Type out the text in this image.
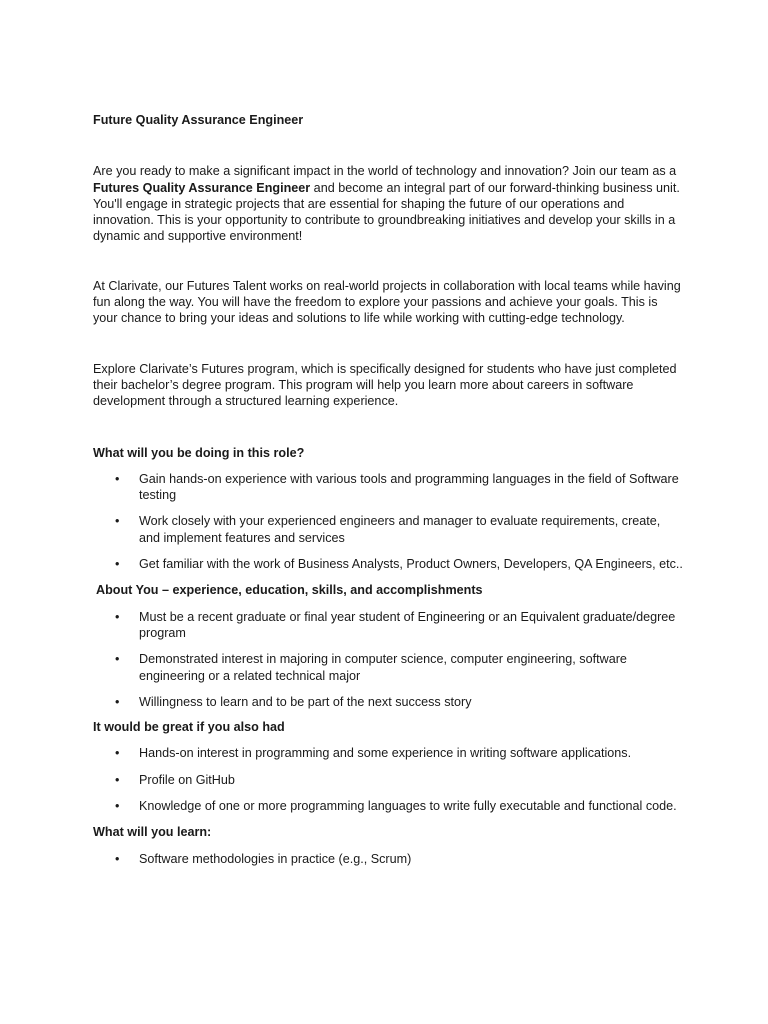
Future Quality Assurance Engineer

Are you ready to make a significant impact in the world of technology and innovation? Join our team as a Futures Quality Assurance Engineer and become an integral part of our forward-thinking business unit. You'll engage in strategic projects that are essential for shaping the future of our operations and innovation. This is your opportunity to contribute to groundbreaking initiatives and develop your skills in a dynamic and supportive environment!

At Clarivate, our Futures Talent works on real-world projects in collaboration with local teams while having fun along the way. You will have the freedom to explore your passions and achieve your goals. This is your chance to bring your ideas and solutions to life while working with cutting-edge technology.

Explore Clarivate’s Futures program, which is specifically designed for students who have just completed their bachelor’s degree program. This program will help you learn more about careers in software development through a structured learning experience.

What will you be doing in this role?

• Gain hands-on experience with various tools and programming languages in the field of Software testing
• Work closely with your experienced engineers and manager to evaluate requirements, create, and implement features and services
• Get familiar with the work of Business Analysts, Product Owners, Developers, QA Engineers, etc..

About You – experience, education, skills, and accomplishments

• Must be a recent graduate or final year student of Engineering or an Equivalent graduate/degree program
• Demonstrated interest in majoring in computer science, computer engineering, software engineering or a related technical major
• Willingness to learn and to be part of the next success story

It would be great if you also had

• Hands-on interest in programming and some experience in writing software applications.
• Profile on GitHub
• Knowledge of one or more programming languages to write fully executable and functional code.

What will you learn:

• Software methodologies in practice (e.g., Scrum)
